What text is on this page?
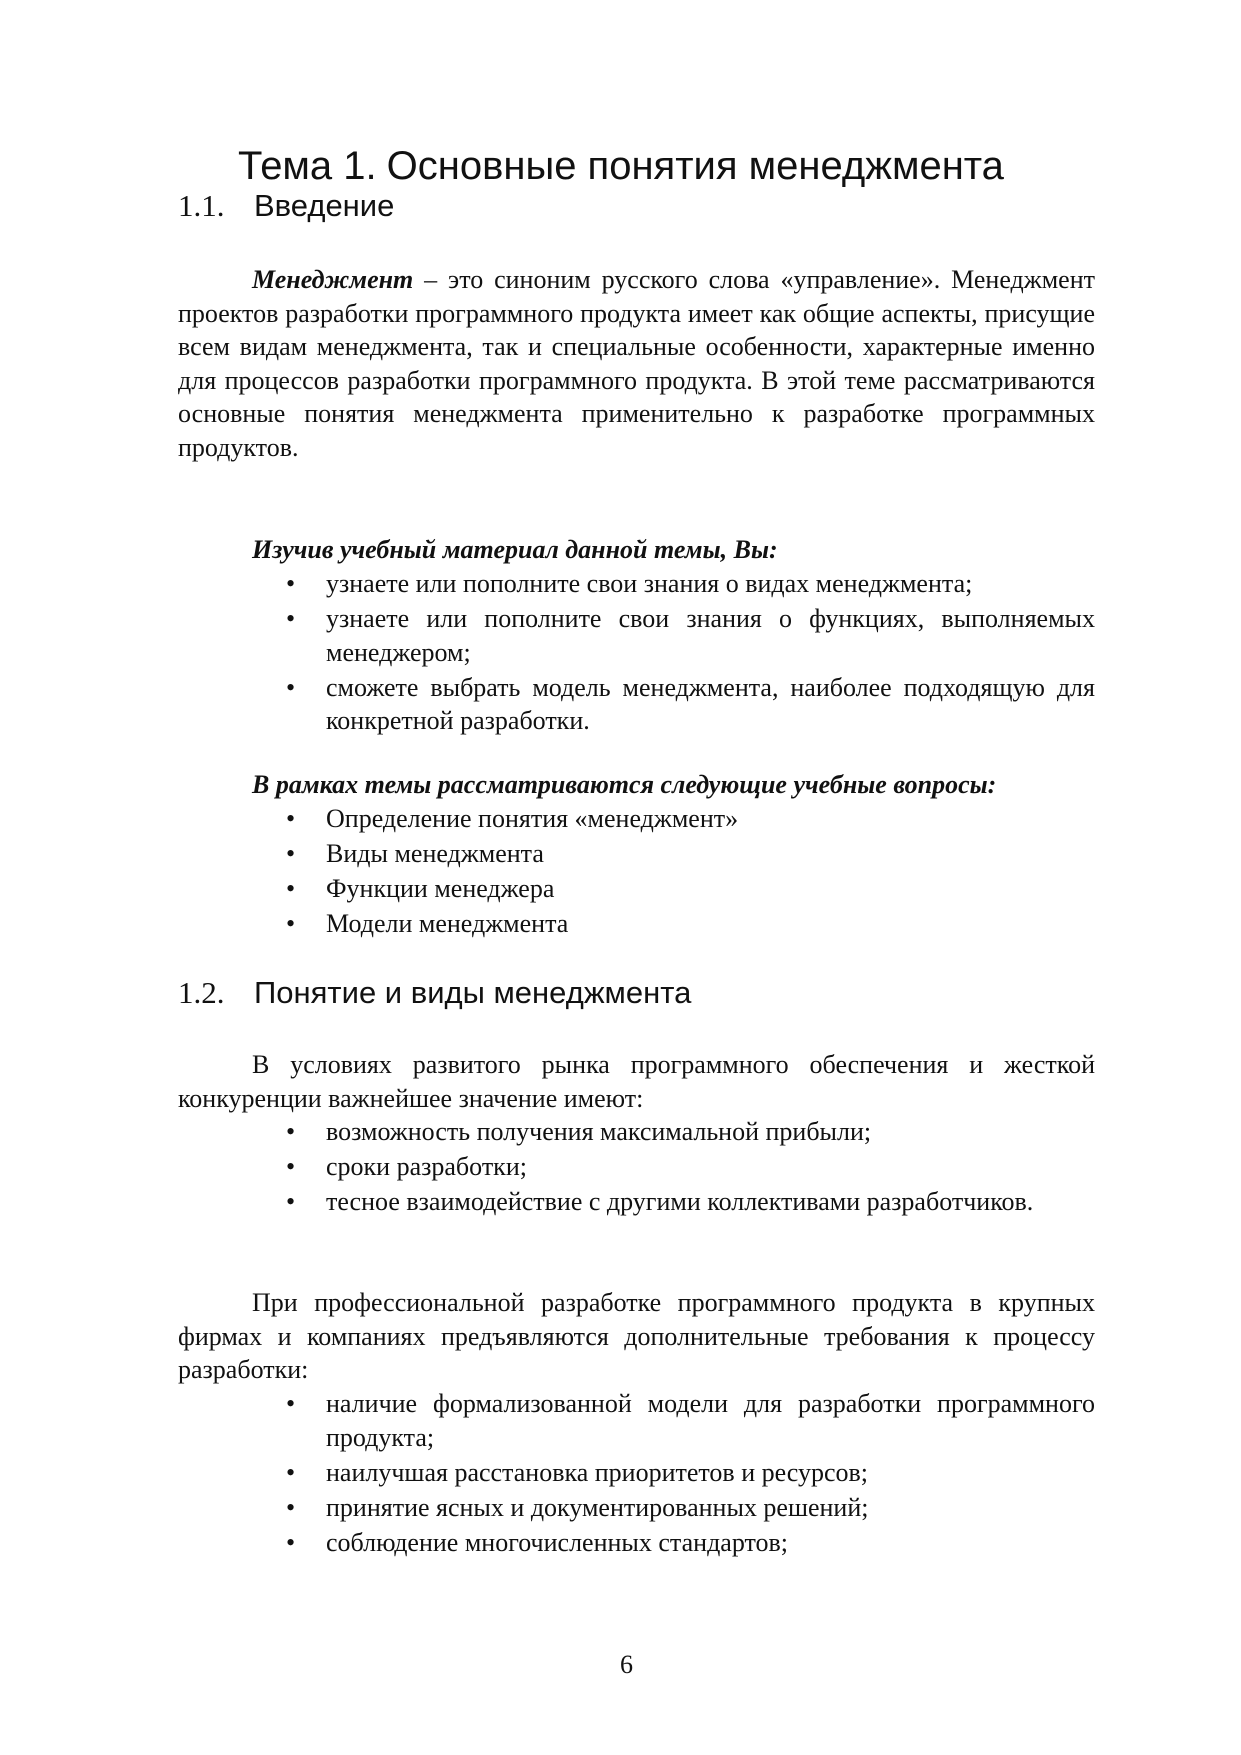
Тема 1. Основные понятия менеджмента
1.1. Введение
Менеджмент – это синоним русского слова «управление». Менеджмент проектов разработки программного продукта имеет как общие аспекты, присущие всем видам менеджмента, так и специальные особенности, характерные именно для процессов разработки программного продукта. В этой теме рассматриваются основные понятия менеджмента применительно к разработке программных продуктов.
Изучив учебный материал данной темы, Вы:
• узнаете или пополните свои знания о видах менеджмента;
• узнаете или пополните свои знания о функциях, выполняемых менеджером;
• сможете выбрать модель менеджмента, наиболее подходящую для конкретной разработки.
В рамках темы рассматриваются следующие учебные вопросы:
• Определение понятия «менеджмент»
• Виды менеджмента
• Функции менеджера
• Модели менеджмента
1.2. Понятие и виды менеджмента
В условиях развитого рынка программного обеспечения и жесткой конкуренции важнейшее значение имеют:
• возможность получения максимальной прибыли;
• сроки разработки;
• тесное взаимодействие с другими коллективами разработчиков.
При профессиональной разработке программного продукта в крупных фирмах и компаниях предъявляются дополнительные требования к процессу разработки:
• наличие формализованной модели для разработки программного продукта;
• наилучшая расстановка приоритетов и ресурсов;
• принятие ясных и документированных решений;
• соблюдение многочисленных стандартов;
6
